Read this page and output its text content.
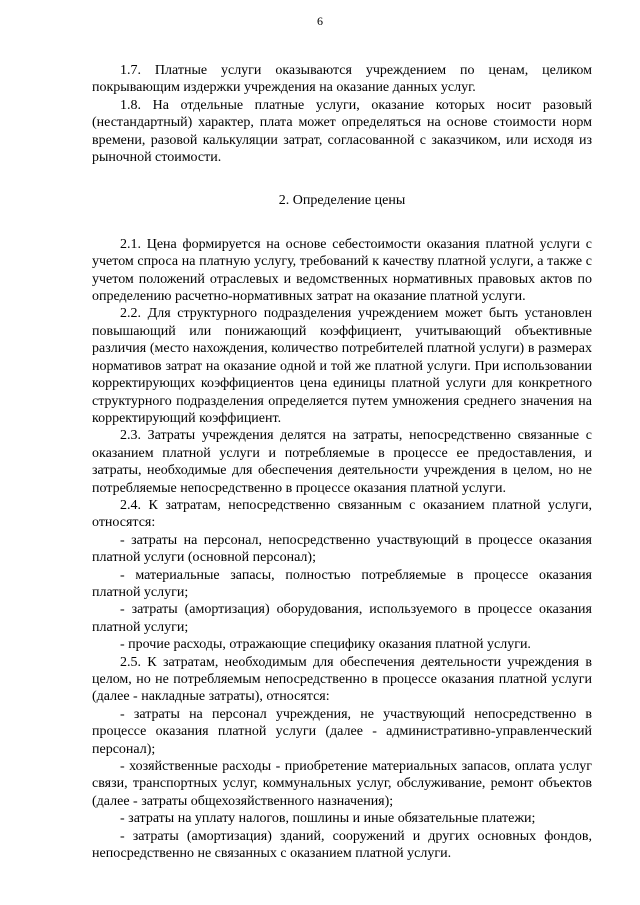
6

1.7. Платные услуги оказываются учреждением по ценам, целиком покрывающим издержки учреждения на оказание данных услуг.

1.8. На отдельные платные услуги, оказание которых носит разовый (нестандартный) характер, плата может определяться на основе стоимости норм времени, разовой калькуляции затрат, согласованной с заказчиком, или исходя из рыночной стоимости.

2. Определение цены

2.1. Цена формируется на основе себестоимости оказания платной услуги с учетом спроса на платную услугу, требований к качеству платной услуги, а также с учетом положений отраслевых и ведомственных нормативных правовых актов по определению расчетно-нормативных затрат на оказание платной услуги.

2.2. Для структурного подразделения учреждением может быть установлен повышающий или понижающий коэффициент, учитывающий объективные различия (место нахождения, количество потребителей платной услуги) в размерах нормативов затрат на оказание одной и той же платной услуги. При использовании корректирующих коэффициентов цена единицы платной услуги для конкретного структурного подразделения определяется путем умножения среднего значения на корректирующий коэффициент.

2.3. Затраты учреждения делятся на затраты, непосредственно связанные с оказанием платной услуги и потребляемые в процессе ее предоставления, и затраты, необходимые для обеспечения деятельности учреждения в целом, но не потребляемые непосредственно в процессе оказания платной услуги.

2.4. К затратам, непосредственно связанным с оказанием платной услуги, относятся:

- затраты на персонал, непосредственно участвующий в процессе оказания платной услуги (основной персонал);

- материальные запасы, полностью потребляемые в процессе оказания платной услуги;

- затраты (амортизация) оборудования, используемого в процессе оказания платной услуги;

- прочие расходы, отражающие специфику оказания платной услуги.

2.5. К затратам, необходимым для обеспечения деятельности учреждения в целом, но не потребляемым непосредственно в процессе оказания платной услуги (далее - накладные затраты), относятся:

- затраты на персонал учреждения, не участвующий непосредственно в процессе оказания платной услуги (далее - административно-управленческий персонал);

- хозяйственные расходы - приобретение материальных запасов, оплата услуг связи, транспортных услуг, коммунальных услуг, обслуживание, ремонт объектов (далее - затраты общехозяйственного назначения);

- затраты на уплату налогов, пошлины и иные обязательные платежи;

- затраты (амортизация) зданий, сооружений и других основных фондов, непосредственно не связанных с оказанием платной услуги.
